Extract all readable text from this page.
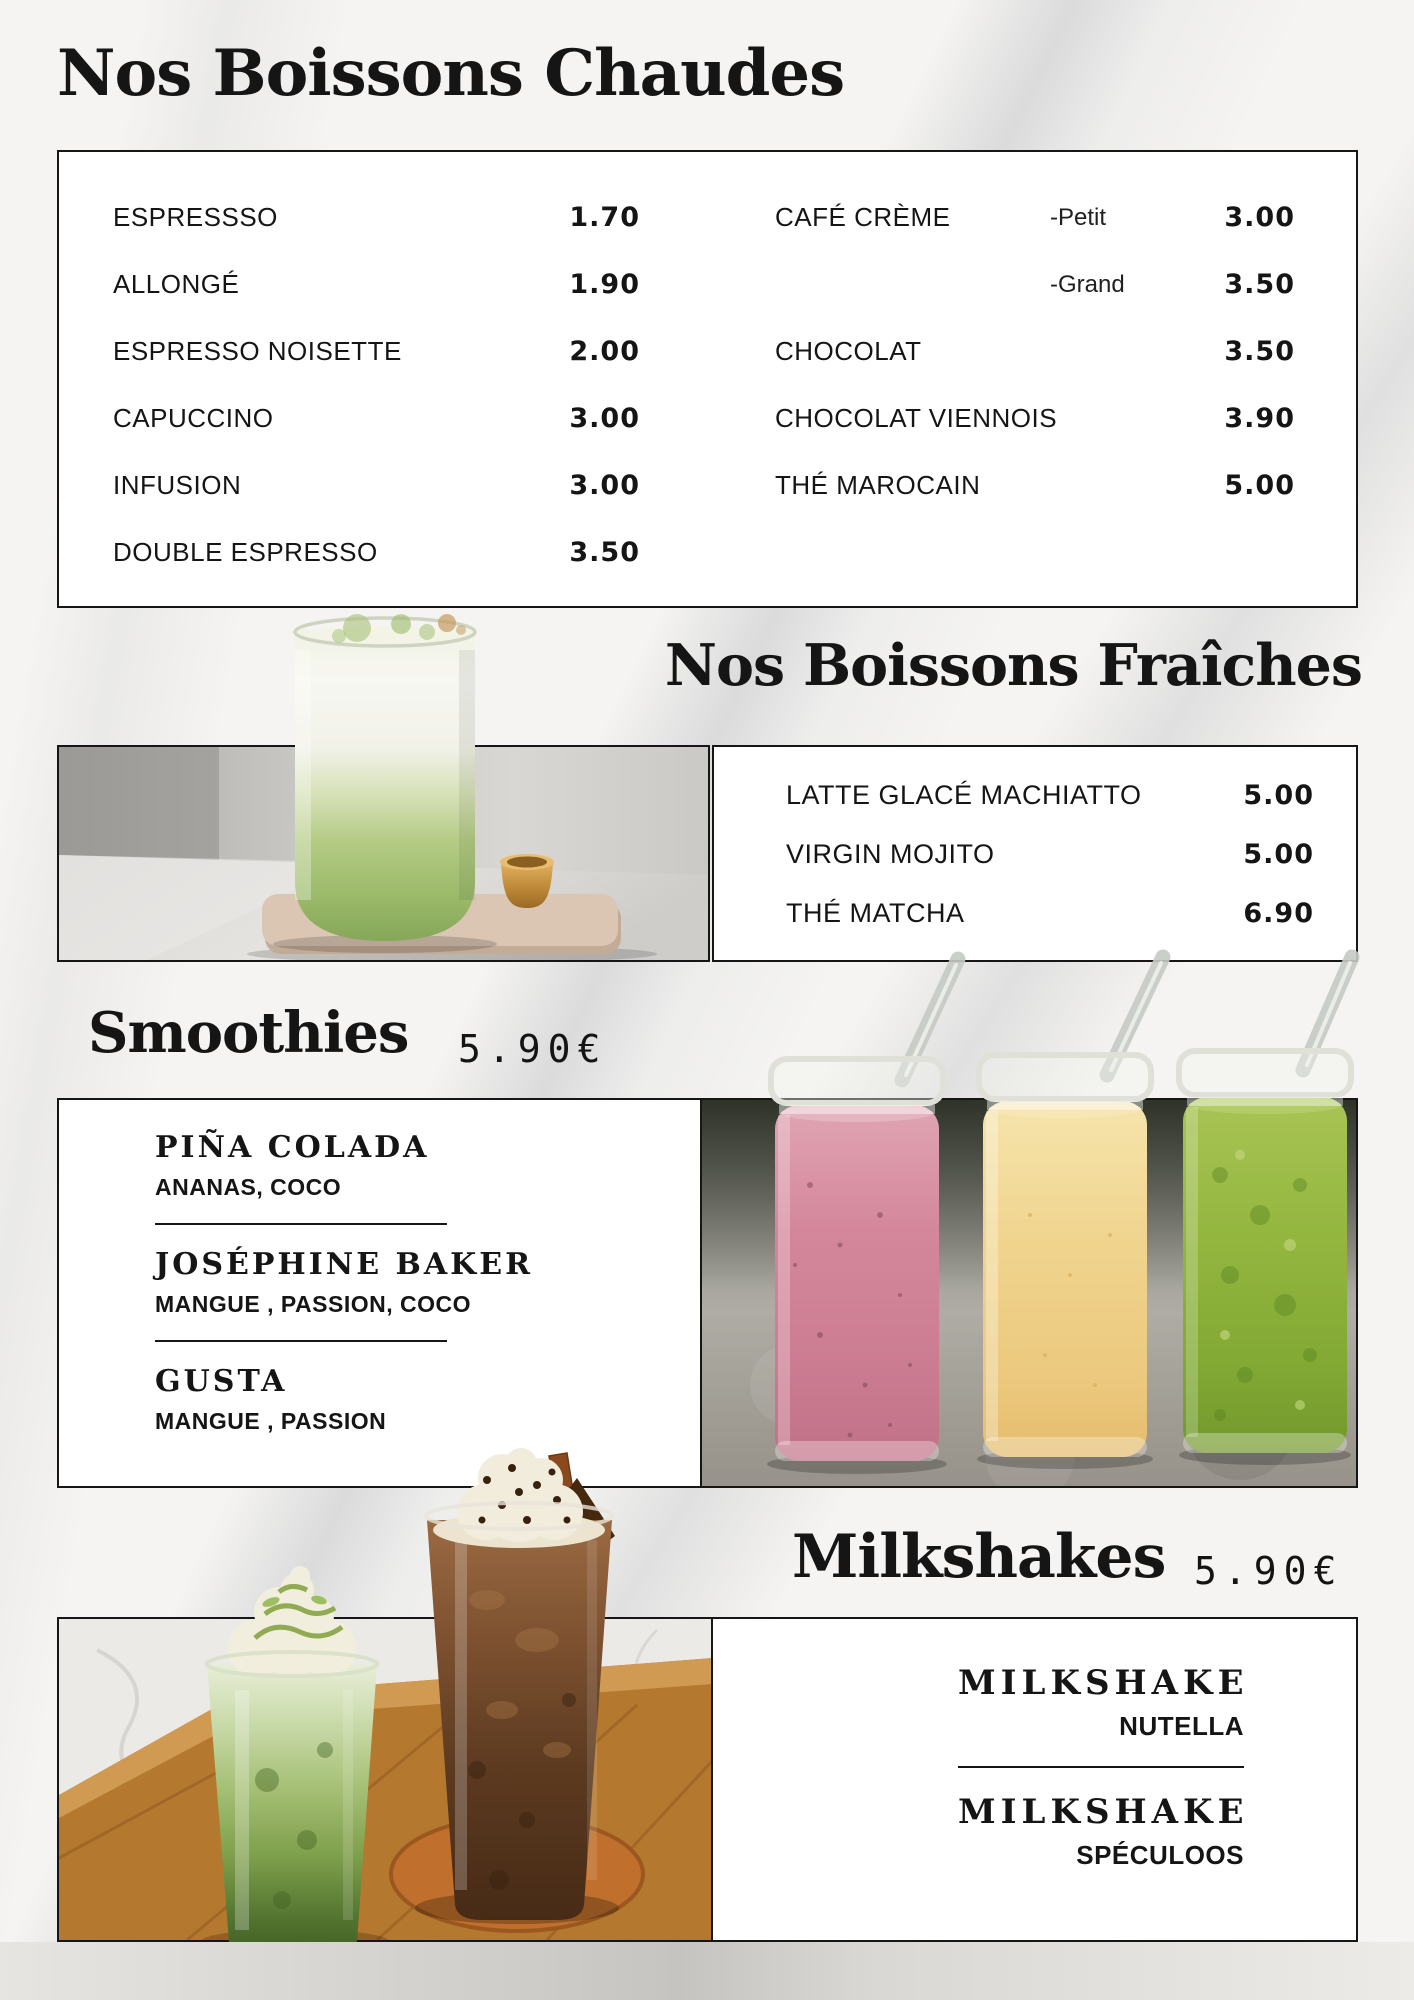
Nos Boissons Chaudes
ESPRESSSO	1.70
ALLONGÉ	1.90
ESPRESSO NOISETTE	2.00
CAPUCCINO	3.00
INFUSION	3.00
DOUBLE ESPRESSO	3.50
CAFÉ CRÈME	-Petit	3.00
-Grand	3.50
CHOCOLAT	3.50
CHOCOLAT VIENNOIS	3.90
THÉ MAROCAIN	5.00
Nos Boissons Fraîches
LATTE GLACÉ MACHIATTO	5.00
VIRGIN MOJITO	5.00
THÉ MATCHA	6.90
Smoothies 5.90€
PIÑA COLADA
ANANAS, COCO
JOSÉPHINE BAKER
MANGUE , PASSION, COCO
GUSTA
MANGUE , PASSION
Milkshakes 5.90€
MILKSHAKE
NUTELLA
MILKSHAKE
SPÉCULOOS
